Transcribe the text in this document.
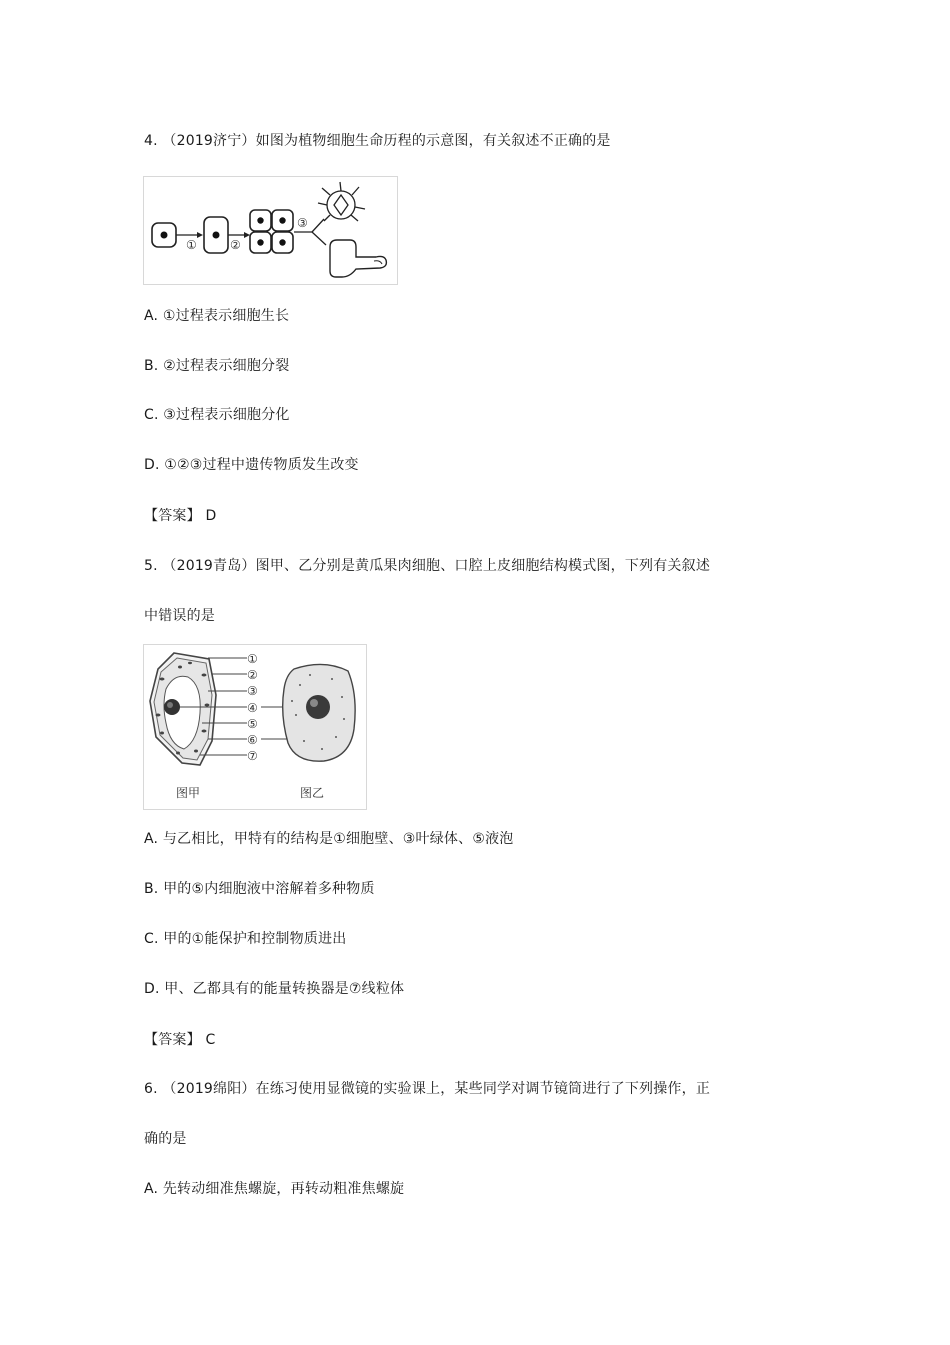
4. （2019济宁）如图为植物细胞生命历程的示意图，有关叙述不正确的是
①	②
③
A. ①过程表示细胞生长
B. ②过程表示细胞分裂
C. ③过程表示细胞分化
D. ①②③过程中遗传物质发生改变
【答案】 D
5. （2019青岛）图甲、乙分别是黄瓜果肉细胞、口腔上皮细胞结构模式图，下列有关叙述
中错误的是
①
②
③
④
⑤
⑥
⑦
图甲	图乙
A. 与乙相比，甲特有的结构是①细胞壁、③叶绿体、⑤液泡
B. 甲的⑤内细胞液中溶解着多种物质
C. 甲的①能保护和控制物质进出
D. 甲、乙都具有的能量转换器是⑦线粒体
【答案】 C
6. （2019绵阳）在练习使用显微镜的实验课上，某些同学对调节镜筒进行了下列操作，正
确的是
A. 先转动细准焦螺旋，再转动粗准焦螺旋
